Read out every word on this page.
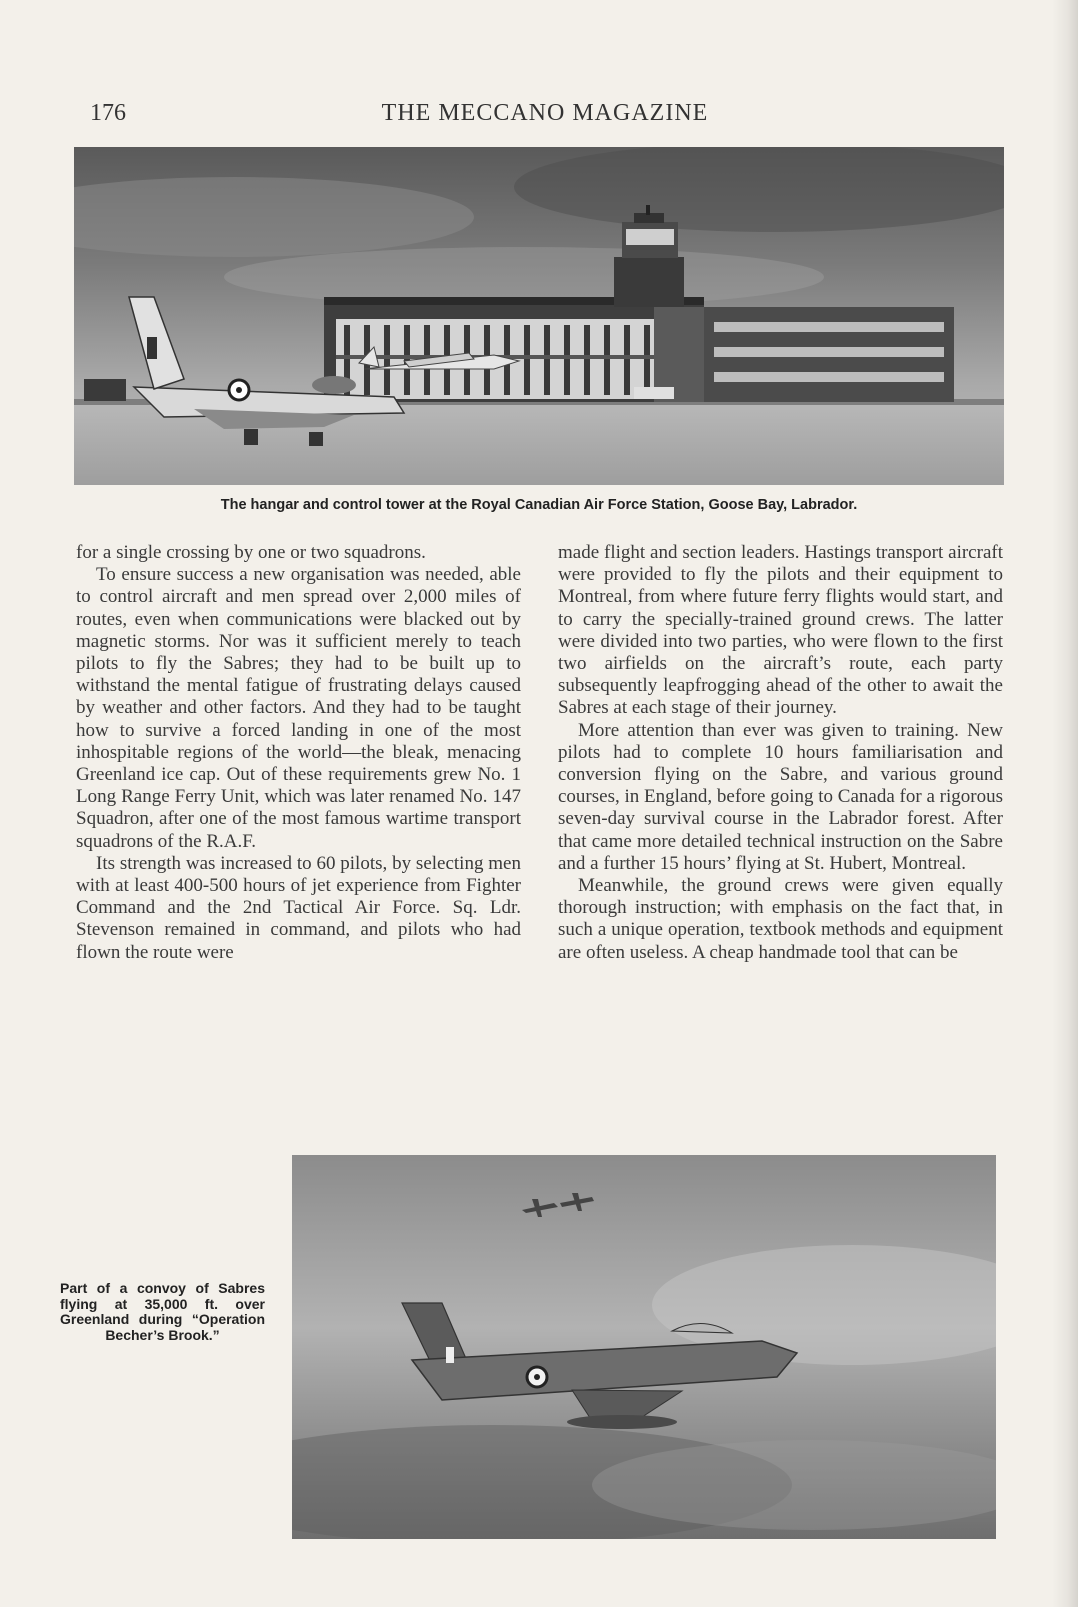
176	THE MECCANO MAGAZINE
The hangar and control tower at the Royal Canadian Air Force Station, Goose Bay, Labrador.

for a single crossing by one or two squadrons.

To ensure success a new organisation was needed, able to control aircraft and men spread over 2,000 miles of routes, even when communications were blacked out by magnetic storms. Nor was it sufficient merely to teach pilots to fly the Sabres; they had to be built up to withstand the mental fatigue of frustrating delays caused by weather and other factors. And they had to be taught how to survive a forced landing in one of the most inhospitable regions of the world—the bleak, menacing Greenland ice cap. Out of these requirements grew No. 1 Long Range Ferry Unit, which was later renamed No. 147 Squadron, after one of the most famous wartime transport squadrons of the R.A.F.

Its strength was increased to 60 pilots, by selecting men with at least 400-500 hours of jet experience from Fighter Command and the 2nd Tactical Air Force. Sq. Ldr. Stevenson remained in command, and pilots who had flown the route were

made flight and section leaders. Hastings transport aircraft were provided to fly the pilots and their equipment to Montreal, from where future ferry flights would start, and to carry the specially-trained ground crews. The latter were divided into two parties, who were flown to the first two airfields on the aircraft’s route, each party subsequently leapfrogging ahead of the other to await the Sabres at each stage of their journey.

More attention than ever was given to training. New pilots had to complete 10 hours familiarisation and conversion flying on the Sabre, and various ground courses, in England, before going to Canada for a rigorous seven-day survival course in the Labrador forest. After that came more detailed technical instruction on the Sabre and a further 15 hours’ flying at St. Hubert, Montreal.

Meanwhile, the ground crews were given equally thorough instruction; with emphasis on the fact that, in such a unique operation, textbook methods and equipment are often useless. A cheap handmade tool that can be

Part of a convoy of Sabres flying at 35,000 ft. over Greenland during “Operation Becher’s Brook.”
